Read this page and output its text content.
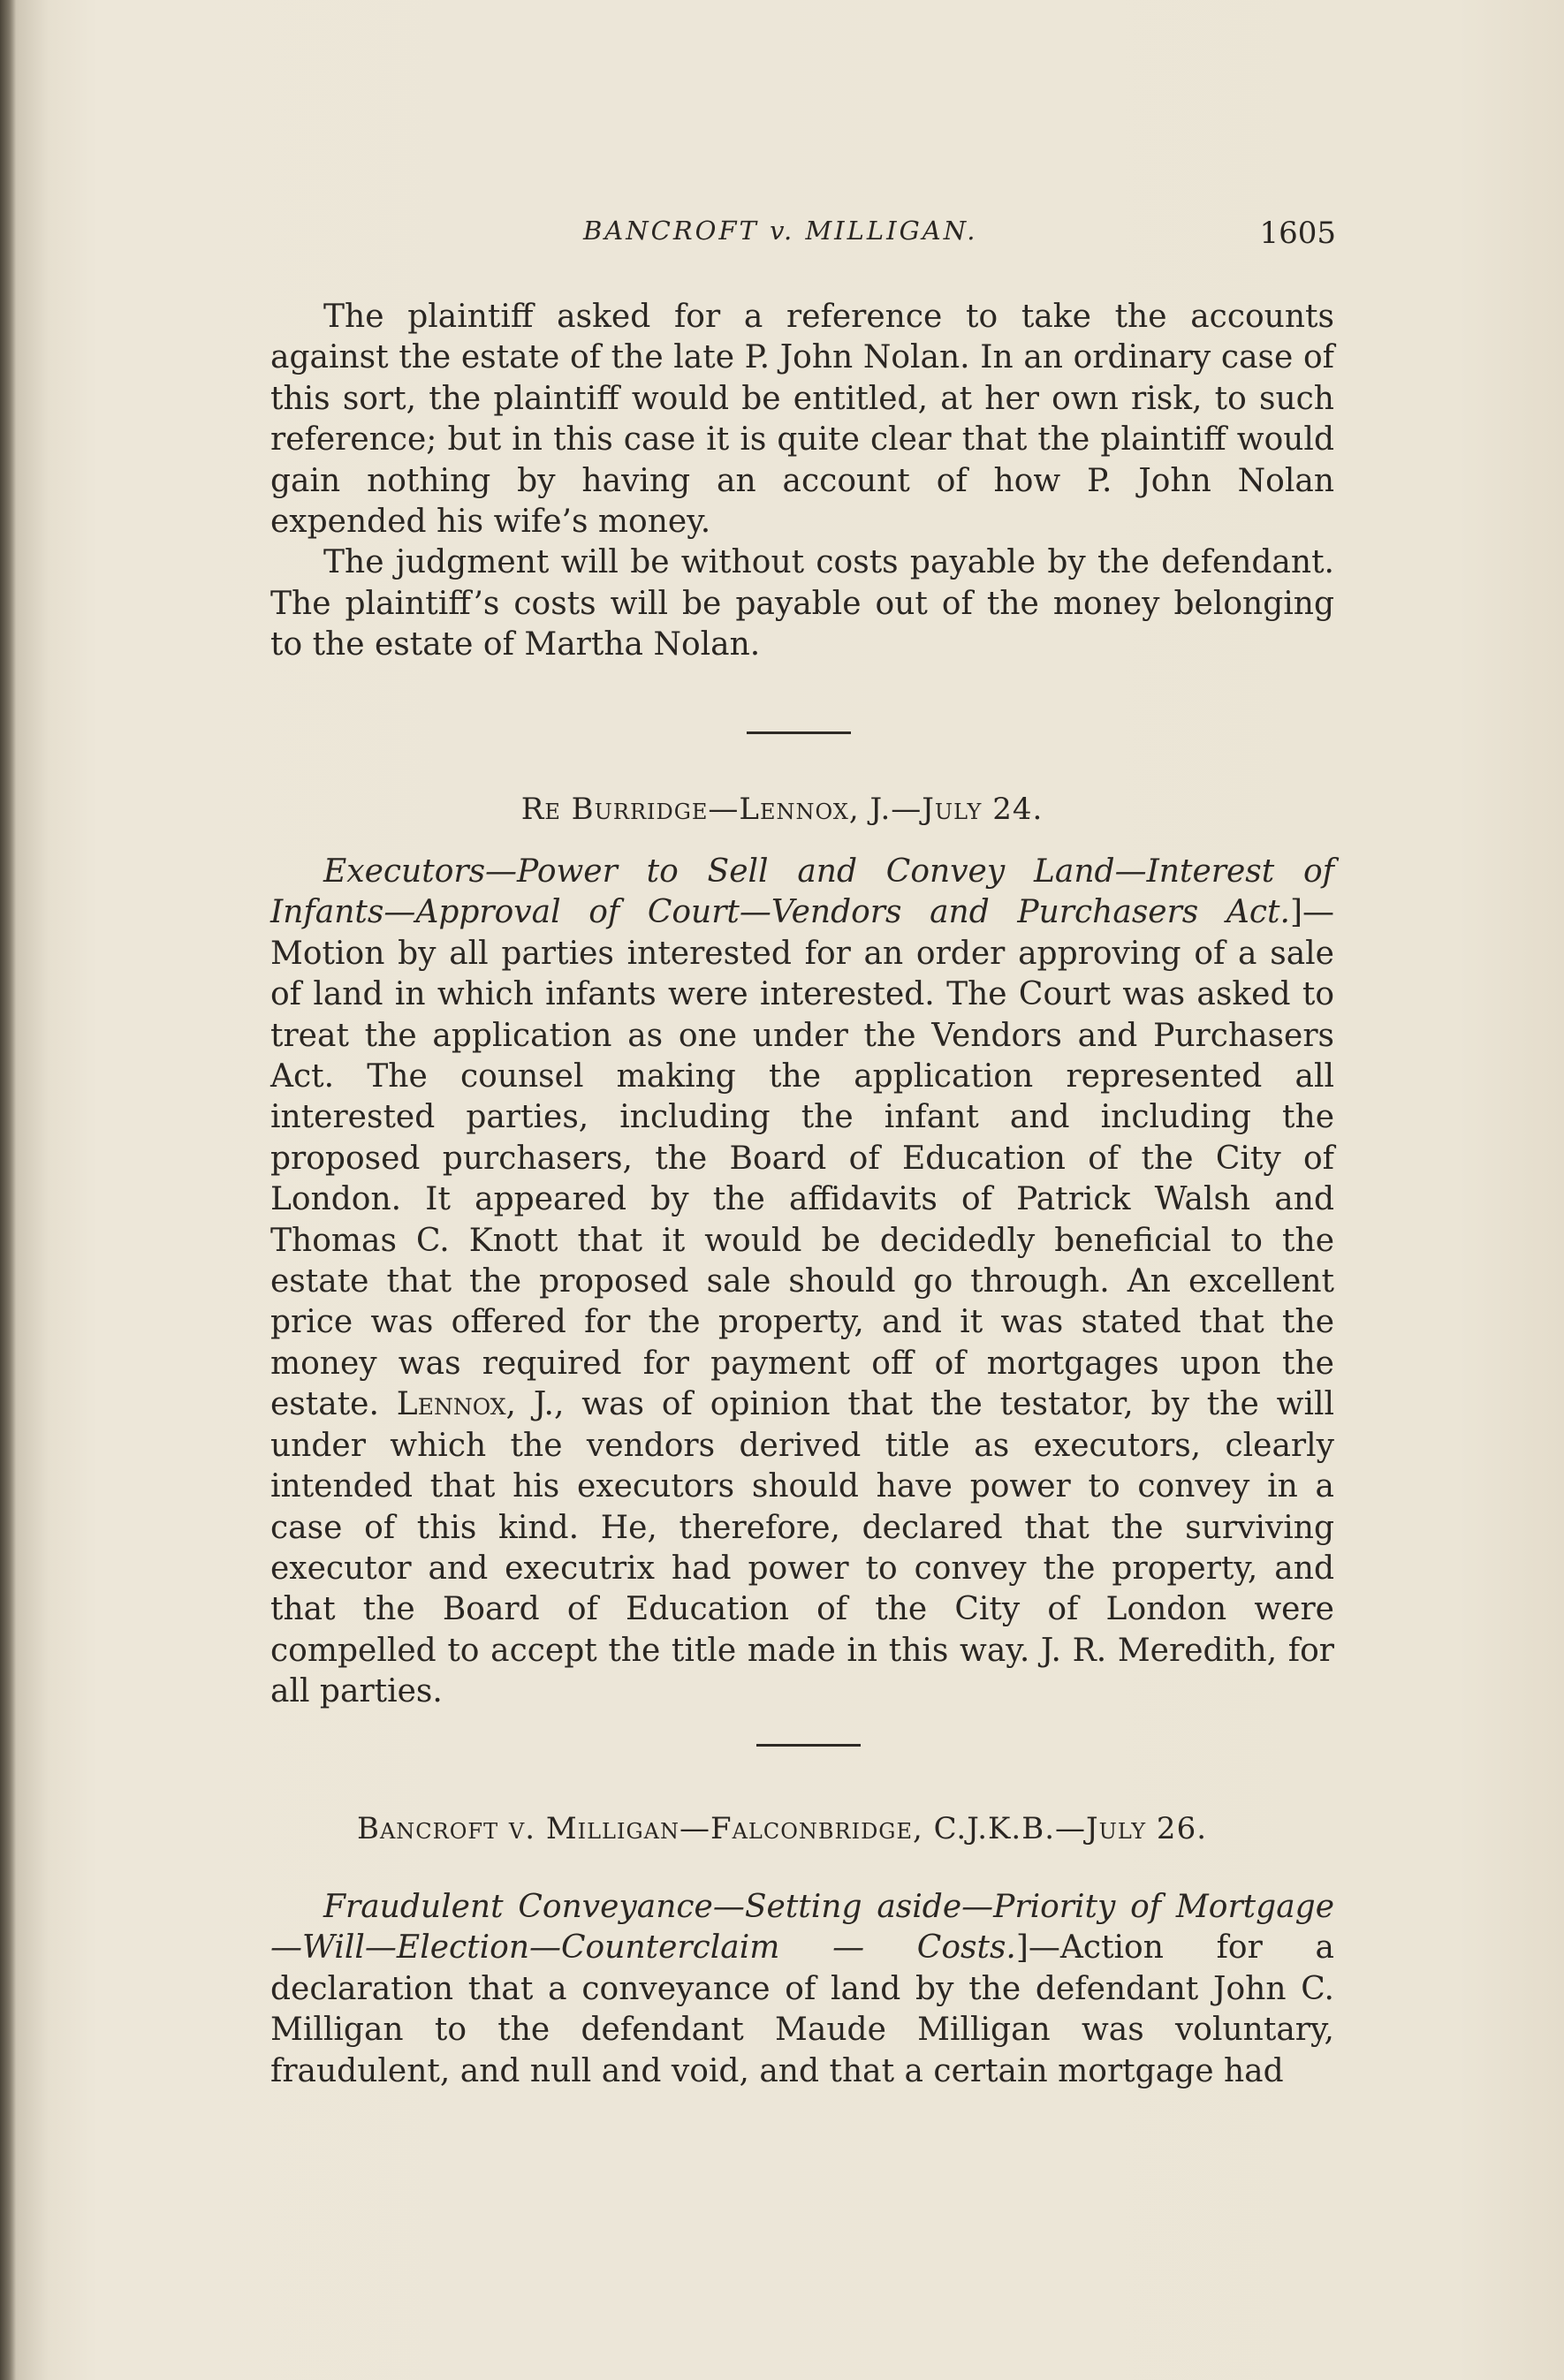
BANCROFT v. MILLIGAN.	1605

The plaintiff asked for a reference to take the accounts against the estate of the late P. John Nolan. In an ordinary case of this sort, the plaintiff would be entitled, at her own risk, to such reference; but in this case it is quite clear that the plaintiff would gain nothing by having an account of how P. John Nolan expended his wife’s money.

The judgment will be without costs payable by the defendant. The plaintiff’s costs will be payable out of the money belonging to the estate of Martha Nolan.

Re Burridge—Lennox, J.—July 24.

Executors—Power to Sell and Convey Land—Interest of Infants—Approval of Court—Vendors and Purchasers Act.]—Motion by all parties interested for an order approving of a sale of land in which infants were interested. The Court was asked to treat the application as one under the Vendors and Purchasers Act. The counsel making the application represented all interested parties, including the infant and including the proposed purchasers, the Board of Education of the City of London. It appeared by the affidavits of Patrick Walsh and Thomas C. Knott that it would be decidedly beneficial to the estate that the proposed sale should go through. An excellent price was offered for the property, and it was stated that the money was required for payment off of mortgages upon the estate. Lennox, J., was of opinion that the testator, by the will under which the vendors derived title as executors, clearly intended that his executors should have power to convey in a case of this kind. He, therefore, declared that the surviving executor and executrix had power to convey the property, and that the Board of Education of the City of London were compelled to accept the title made in this way. J. R. Meredith, for all parties.

Bancroft v. Milligan—Falconbridge, C.J.K.B.—July 26.

Fraudulent Conveyance—Setting aside—Priority of Mortgage—Will—Election—Counterclaim — Costs.]—Action for a declaration that a conveyance of land by the defendant John C. Milligan to the defendant Maude Milligan was voluntary, fraudulent, and null and void, and that a certain mortgage had
